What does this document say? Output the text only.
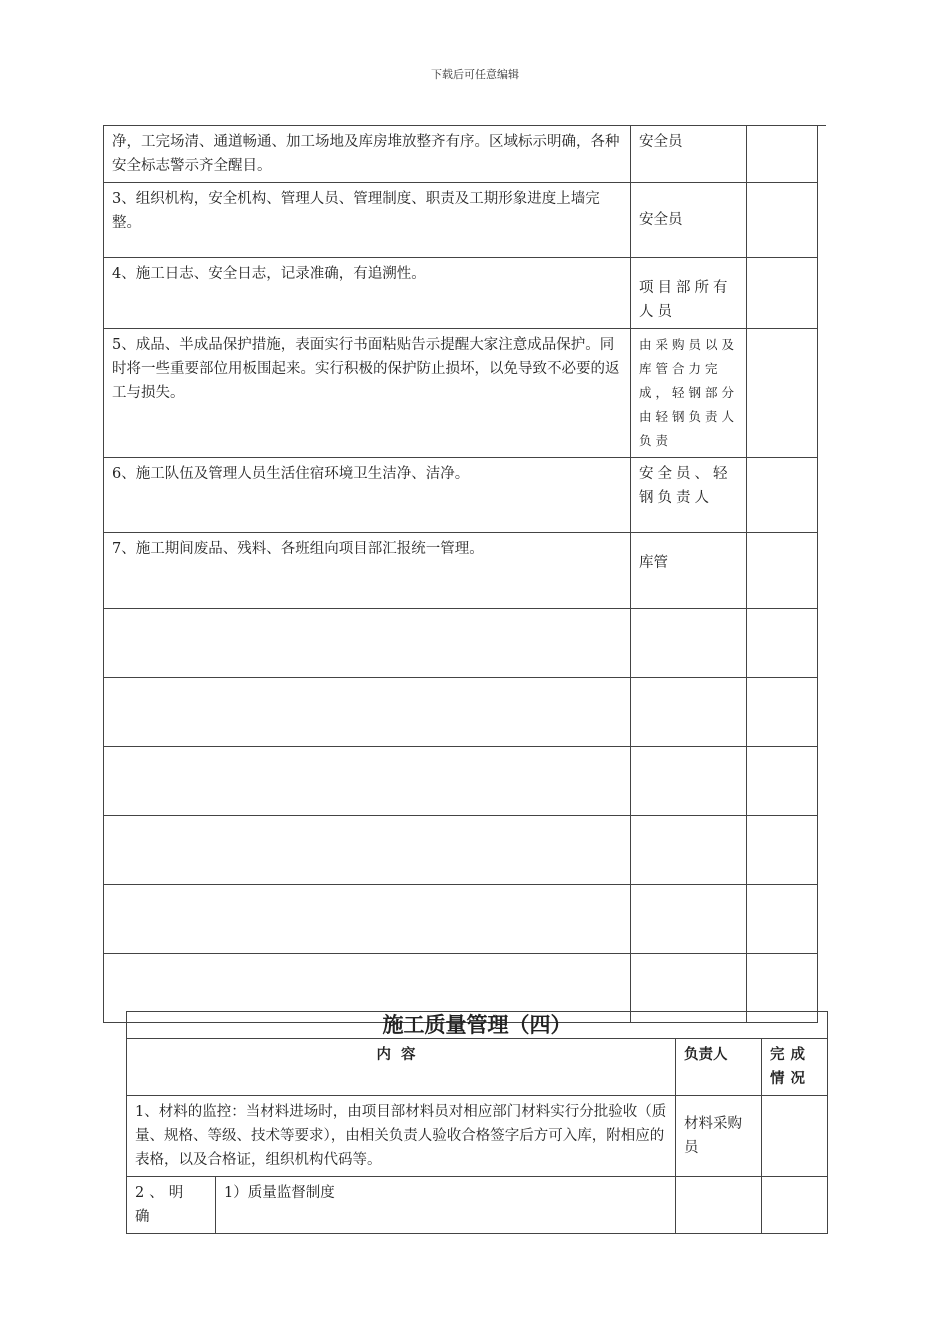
下载后可任意编辑
净，工完场清、通道畅通、加工场地及库房堆放整齐有序。区域标示明确，各种安全标志警示齐全醒目。	安全员	
3、组织机构，安全机构、管理人员、管理制度、职责及工期形象进度上墙完整。	安全员	
4、施工日志、安全日志，记录准确，有追溯性。	项目部所有人员	
5、成品、半成品保护措施，表面实行书面粘贴告示提醒大家注意成品保护。同时将一些重要部位用板围起来。实行积极的保护防止损坏，以免导致不必要的返工与损失。	由采购员以及库管合力完成，轻钢部分由轻钢负责人负责	
6、施工队伍及管理人员生活住宿环境卫生洁净、洁净。	安全员、轻钢负责人	
7、施工期间废品、残料、各班组向项目部汇报统一管理。	库管	

施工质量管理（四）			
内容		负责人	完成情况
1、材料的监控：当材料进场时，由项目部材料员对相应部门材料实行分批验收（质量、规格、等级、技术等要求），由相关负责人验收合格签字后方可入库，附相应的表格，以及合格证，组织机构代码等。		材料采购员	
2、明确	1）质量监督制度		
